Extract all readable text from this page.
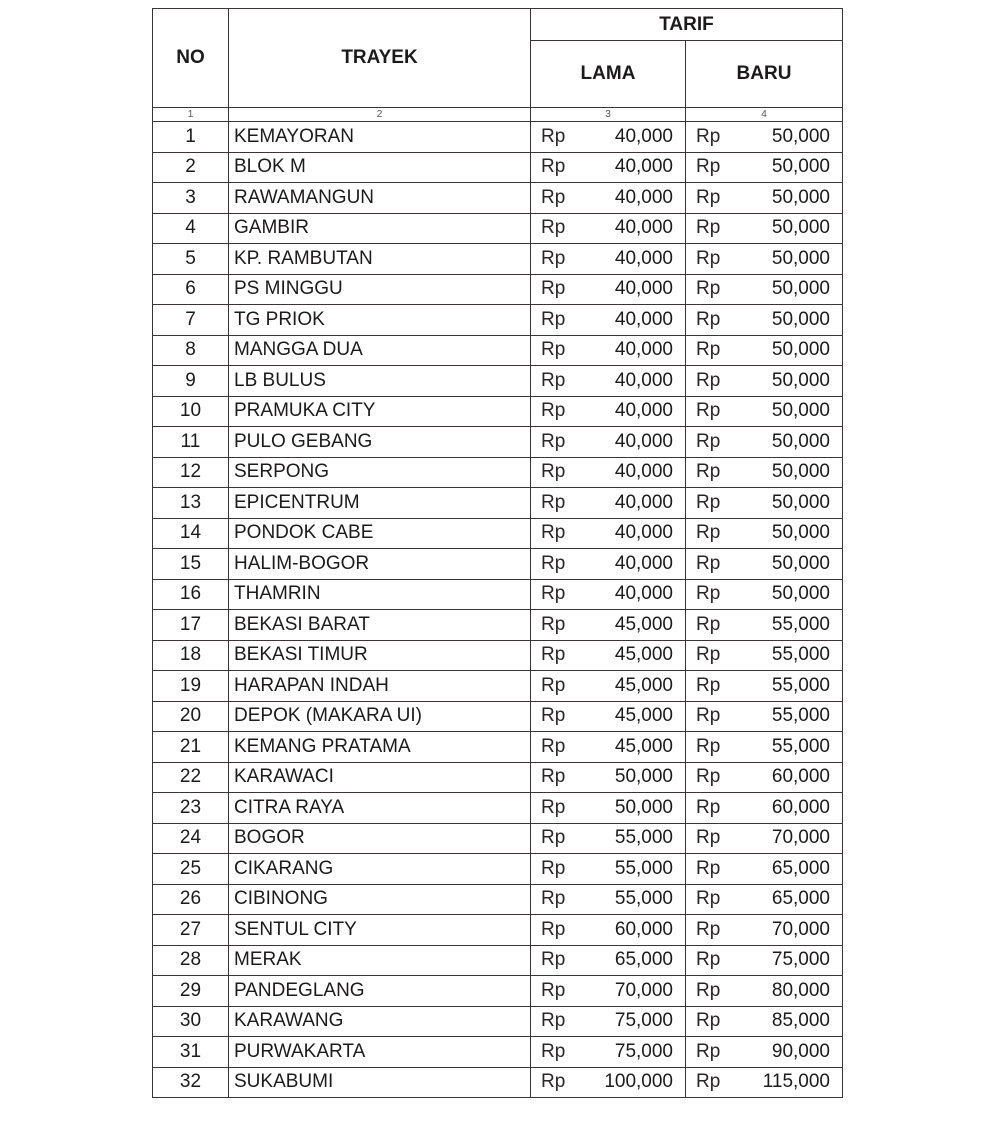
NO	TRAYEK	TARIF	
		LAMA	BARU
1	2	3	4
1	KEMAYORAN	Rp 40,000	Rp 50,000

2	BLOK M	Rp 40,000	Rp 50,000

3	RAWAMANGUN	Rp 40,000	Rp 50,000

4	GAMBIR	Rp 40,000	Rp 50,000

5	KP. RAMBUTAN	Rp 40,000	Rp 50,000

6	PS MINGGU	Rp 40,000	Rp 50,000

7	TG PRIOK	Rp 40,000	Rp 50,000

8	MANGGA DUA	Rp 40,000	Rp 50,000

9	LB BULUS	Rp 40,000	Rp 50,000

10	PRAMUKA CITY	Rp 40,000	Rp 50,000

11	PULO GEBANG	Rp 40,000	Rp 50,000

12	SERPONG	Rp 40,000	Rp 50,000

13	EPICENTRUM	Rp 40,000	Rp 50,000

14	PONDOK CABE	Rp 40,000	Rp 50,000

15	HALIM-BOGOR	Rp 40,000	Rp 50,000

16	THAMRIN	Rp 40,000	Rp 50,000

17	BEKASI BARAT	Rp 45,000	Rp 55,000

18	BEKASI TIMUR	Rp 45,000	Rp 55,000

19	HARAPAN INDAH	Rp 45,000	Rp 55,000

20	DEPOK (MAKARA UI)	Rp 45,000	Rp 55,000

21	KEMANG PRATAMA	Rp 45,000	Rp 55,000

22	KARAWACI	Rp 50,000	Rp 60,000

23	CITRA RAYA	Rp 50,000	Rp 60,000

24	BOGOR	Rp 55,000	Rp 70,000

25	CIKARANG	Rp 55,000	Rp 65,000

26	CIBINONG	Rp 55,000	Rp 65,000

27	SENTUL CITY	Rp 60,000	Rp 70,000

28	MERAK	Rp 65,000	Rp 75,000

29	PANDEGLANG	Rp 70,000	Rp 80,000

30	KARAWANG	Rp 75,000	Rp 85,000

31	PURWAKARTA	Rp 75,000	Rp 90,000

32	SUKABUMI	Rp 100,000	Rp 115,000
